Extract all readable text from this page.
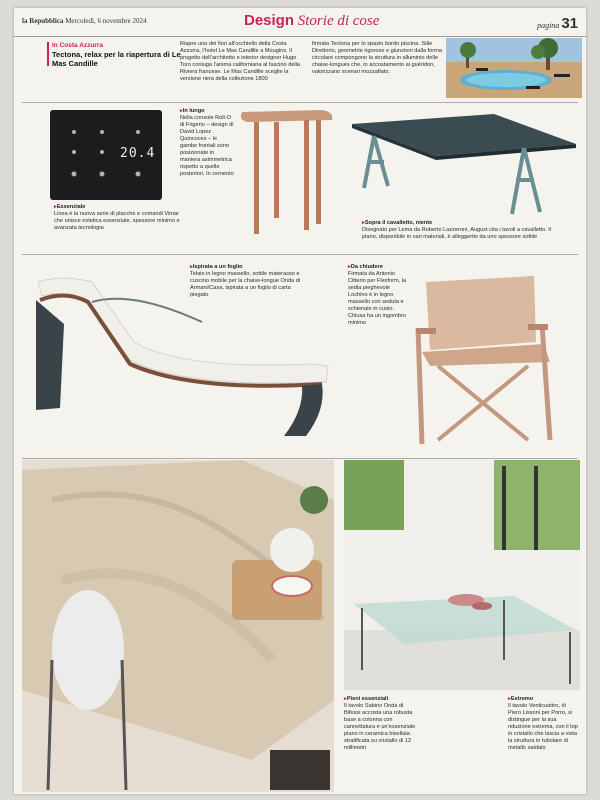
la Repubblica Mercoledì, 6 novembre 2024	Design Storie di cose	pagina 31
In Costa Azzurra
Tectona, relax per la riapertura di Le Mas Candille
Riapre uno dei fiori all’occhiello della Costa Azzurra, l’hotel Le Mas Candille a Mougins. Il progetto dell’architetto e interior designer Hugo Toro coniuga l’anima californiana al fascino della Riviera francese. Le Mas Candille sceglie la versione nera della collezione 1800
firmata Tectona per lo spazio bordo piscina. Stile Direttorio, geometrie rigorose e giunzioni dalla forma circolare compongono la struttura in alluminio delle chaise-longues che, in accostamento ai guéridon, valorizzano scenari mozzafiato.
20.4
▸ Essenziale
Linea è la nuova serie di placche e comandi Vimar che unisce estetica essenziale, spessore minimo e avanzata tecnologia
▸ In lungo
Nella console Roll-O di Frigerio – design di David Lopez Quincoces – le gambe frontali sono posizionate in maniera asimmetrica rispetto a quelle posteriori. In cemento
▸ Sopra il cavalletto, niente
Disegnato per Lema da Roberto Lazzeroni, August cita i tavoli a cavalletto. Il piano, disponibile in vari materiali, è alleggerito da uno spessore sottile
▸ Ispirata a un foglio
Telaio in legno massello, sottile materasso e cuscino mobile per la chaise-longue Onda di Armani/Casa, ispirata a un foglio di carta piegato
▸ Da chiudere
Firmata da Antonio Citterio per Flexform, la sedia pieghevole Lochino è in legno massello con seduta e schienale in cuoio. Chiusa ha un ingombro minimo
▸ Pieni essenziali
Il tavolo Sabino Onda di Bifessi accosta una robusta base a colonna con cannettatura e un’essenziale piano in ceramica bisellata stratificata su cristallo di 12 millimetri
▸ Estremo
Il tavolo Venticuattro, di Piero Lissoni per Porro, si distingue per la sua riduzione estrema, con il top in cristallo che lascia a vista la struttura in tubolare di metallo saldato
